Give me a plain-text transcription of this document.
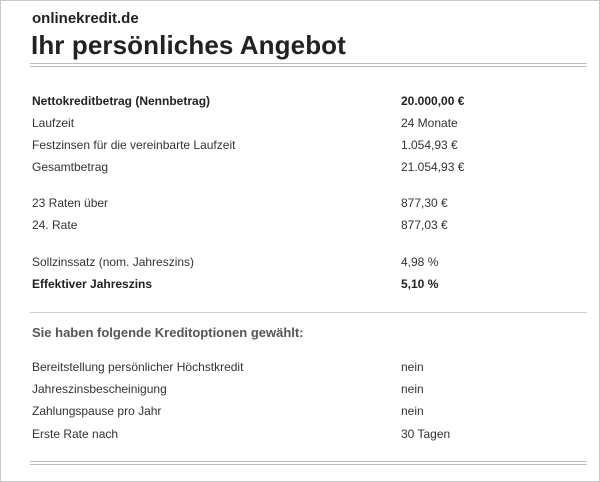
onlinekredit.de
Ihr persönliches Angebot
Nettokreditbetrag (Nennbetrag)	20.000,00 €
Laufzeit	24 Monate
Festzinsen für die vereinbarte Laufzeit	1.054,93 €
Gesamtbetrag	21.054,93 €
23 Raten über	877,30 €
24. Rate	877,03 €
Sollzinssatz (nom. Jahreszins)	4,98 %
Effektiver Jahreszins	5,10 %
Sie haben folgende Kreditoptionen gewählt:
Bereitstellung persönlicher Höchstkredit	nein
Jahreszinsbescheinigung	nein
Zahlungspause pro Jahr	nein
Erste Rate nach	30 Tagen
